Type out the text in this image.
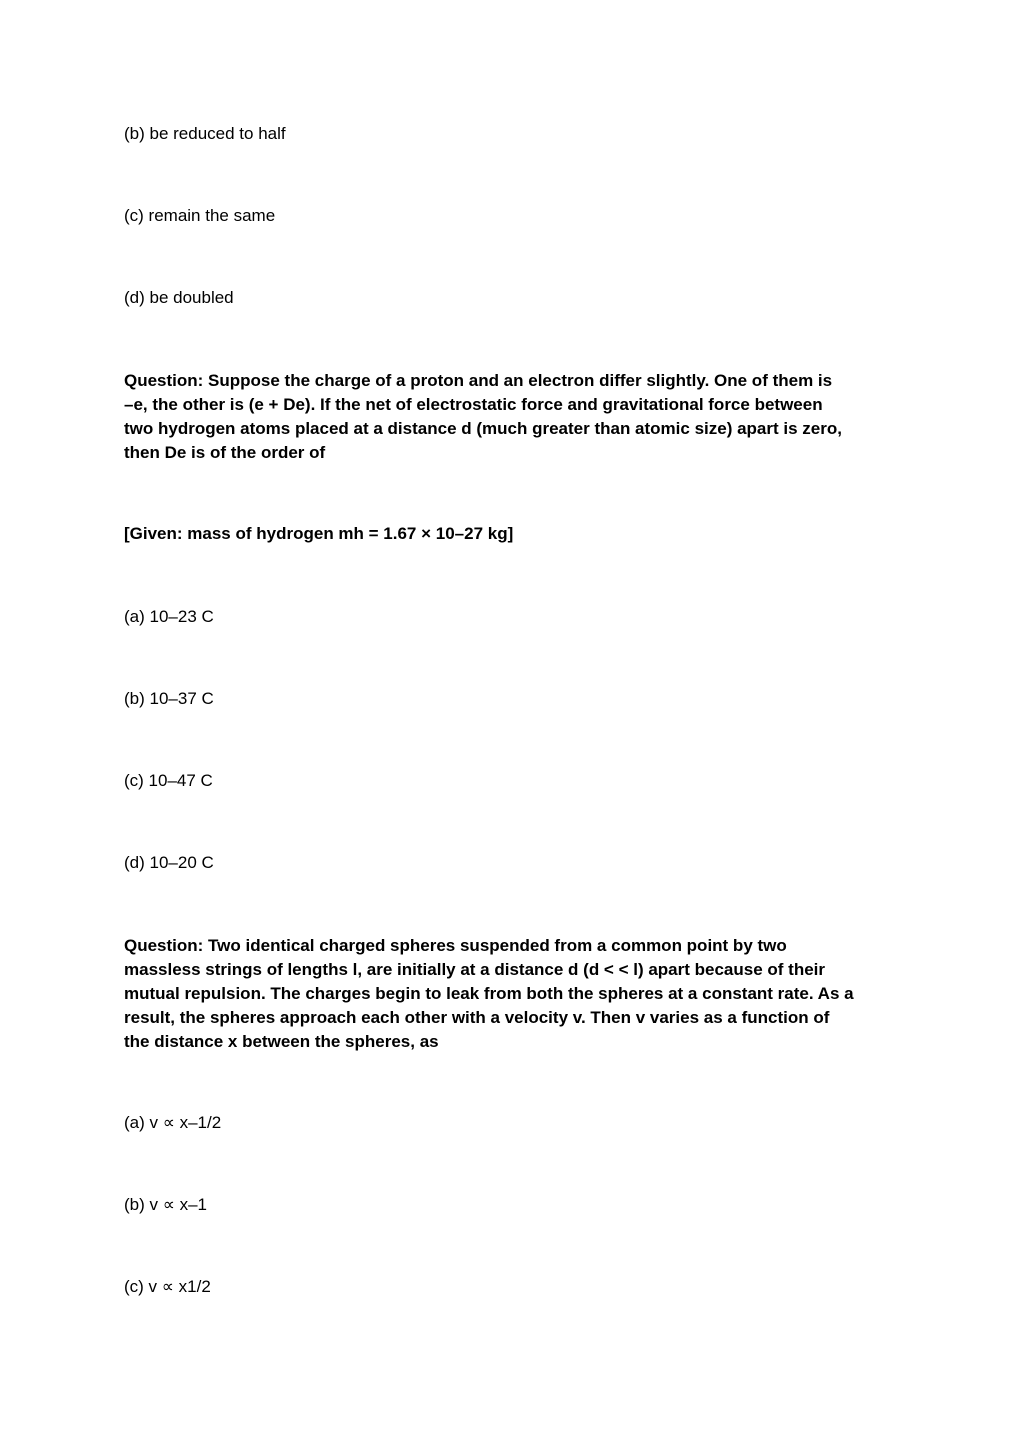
(b) be reduced to half
(c) remain the same
(d) be doubled

Question: Suppose the charge of a proton and an electron differ slightly. One of them is

–e, the other is (e + De). If the net of electrostatic force and gravitational force between

two hydrogen atoms placed at a distance d (much greater than atomic size) apart is zero,

then De is of the order of

[Given: mass of hydrogen mh = 1.67 × 10–27 kg]
(a) 10–23 C
(b) 10–37 C
(c) 10–47 C
(d) 10–20 C

Question: Two identical charged spheres suspended from a common point by two

massless strings of lengths l, are initially at a distance d (d < < l) apart because of their

mutual repulsion. The charges begin to leak from both the spheres at a constant rate. As a

result, the spheres approach each other with a velocity v. Then v varies as a function of

the distance x between the spheres, as

(a) v ∝ x–1/2
(b) v ∝ x–1
(c) v ∝ x1/2
